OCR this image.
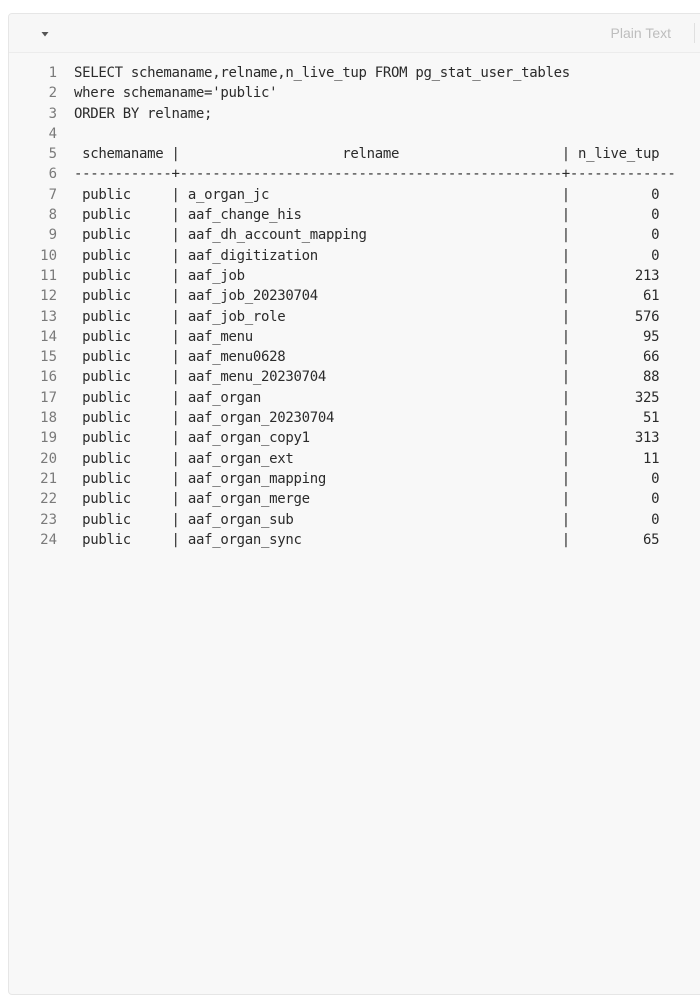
Plain Text
1 SELECT schemaname,relname,n_live_tup FROM pg_stat_user_tables
2 where schemaname='public'
3 ORDER BY relname;
4
5 schemaname |                    relname                    | n_live_tup
6 ------------+-----------------------------------------------+-------------
7 public     | a_organ_jc                                    |          0
8 public     | aaf_change_his                                |          0
9 public     | aaf_dh_account_mapping                        |          0
10 public     | aaf_digitization                              |          0
11 public     | aaf_job                                       |        213
12 public     | aaf_job_20230704                              |         61
13 public     | aaf_job_role                                  |        576
14 public     | aaf_menu                                      |         95
15 public     | aaf_menu0628                                  |         66
16 public     | aaf_menu_20230704                             |         88
17 public     | aaf_organ                                     |        325
18 public     | aaf_organ_20230704                            |         51
19 public     | aaf_organ_copy1                               |        313
20 public     | aaf_organ_ext                                 |         11
21 public     | aaf_organ_mapping                             |          0
22 public     | aaf_organ_merge                               |          0
23 public     | aaf_organ_sub                                 |          0
24 public     | aaf_organ_sync                                |         65
